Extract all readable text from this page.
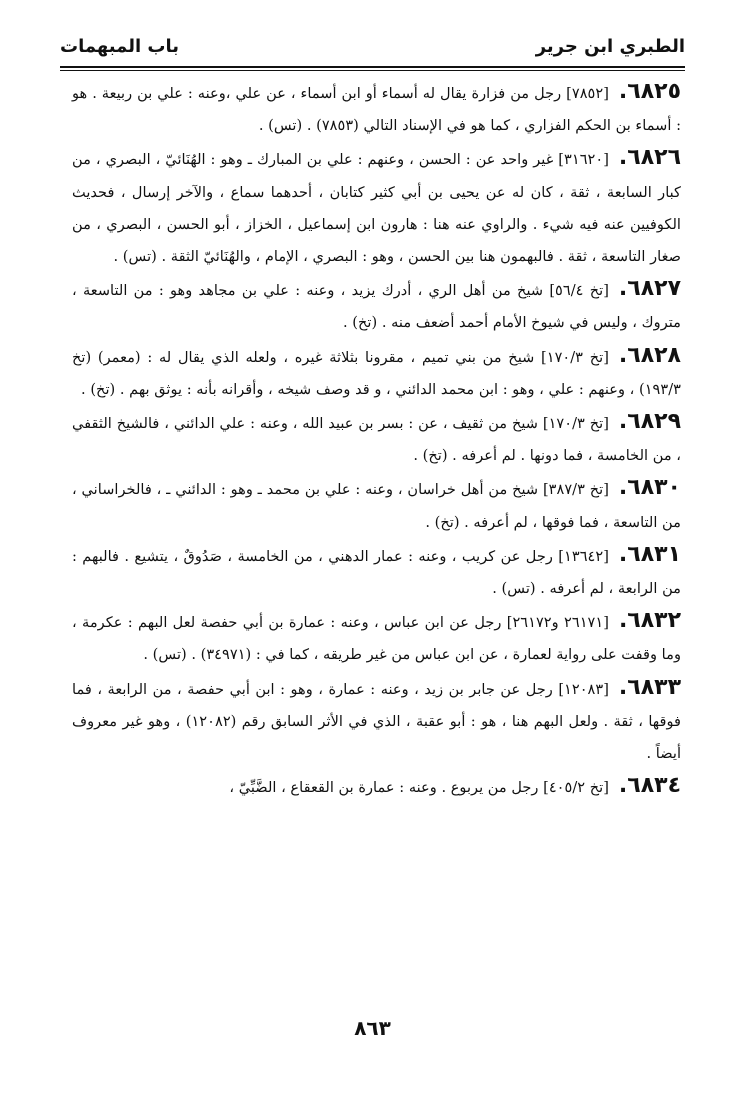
الطبري ابن جرير
باب المبهمات

٦٨٢٥.[٧٨٥٢] رجل من فزارة يقال له أسماء أو ابن أسماء ، عن علي ،وعنه : علي بن ربيعة . هو : أسماء بن الحكم الفزاري ، كما هو في الإسناد التالي (٧٨٥٣) . (تس) .

٦٨٢٦.[٣١٦٢٠] غير واحد عن : الحسن ، وعنهم : علي بن المبارك ـ وهو : الهُنَائيّ ، البصري ، من كبار السابعة ، ثقة ، كان له عن يحيى بن أبي كثير كتابان ، أحدهما سماع ، والآخر إرسال ، فحديث الكوفيين عنه فيه شيء . والراوي عنه هنا : هارون ابن إسماعيل ، الخزاز ، أبو الحسن ، البصري ، من صغار التاسعة ، ثقة . فالبهمون هنا بين الحسن ، وهو : البصري ، الإمام ، والهُنَائيّ الثقة . (تس) .

٦٨٢٧.[تخ ٥٦/٤] شيخ من أهل الري ، أدرك يزيد ، وعنه : علي بن مجاهد وهو : من التاسعة ، متروك ، وليس في شيوخ الأمام أحمد أضعف منه . (تخ) .

٦٨٢٨.[تخ ١٧٠/٣] شيخ من بني تميم ، مقرونا بثلاثة غيره ، ولعله الذي يقال له : (معمر) (تخ ١٩٣/٣) ، وعنهم : علي ، وهو : ابن محمد الدائني ، و قد وصف شيخه ، وأقرانه بأنه : يوثق بهم . (تخ) .

٦٨٢٩.[تخ ١٧٠/٣] شيخ من ثقيف ، عن : بسر بن عبيد الله ، وعنه : علي الدائني ، فالشيخ الثقفي ، من الخامسة ، فما دونها . لم أعرفه . (تخ) .

٦٨٣٠.[تخ ٣٨٧/٣] شيخ من أهل خراسان ، وعنه : علي بن محمد ـ وهو : الدائني ـ ، فالخراساني ، من التاسعة ، فما فوقها ، لم أعرفه . (تخ) .

٦٨٣١.[١٣٦٤٢] رجل عن كريب ، وعنه : عمار الدهني ، من الخامسة ، صَدُوقٌ ، يتشيع . فالبهم : من الرابعة ، لم أعرفه . (تس) .

٦٨٣٢.[٢٦١٧١ و٢٦١٧٢] رجل عن ابن عباس ، وعنه : عمارة بن أبي حفصة لعل البهم : عكرمة ، وما وقفت على رواية لعمارة ، عن ابن عباس من غير طريقه ، كما في : (٣٤٩٧١) . (تس) .

٦٨٣٣.[١٢٠٨٣] رجل عن جابر بن زيد ، وعنه : عمارة ، وهو : ابن أبي حفصة ، من الرابعة ، فما فوقها ، ثقة . ولعل البهم هنا ، هو : أبو عقبة ، الذي في الأثر السابق رقم (١٢٠٨٢) ، وهو غير معروف أيضاً .

٦٨٣٤.[تخ ٤٠٥/٢] رجل من يربوع . وعنه : عمارة بن القعقاع ، الضَّبِّيّ ،

٨٦٣
